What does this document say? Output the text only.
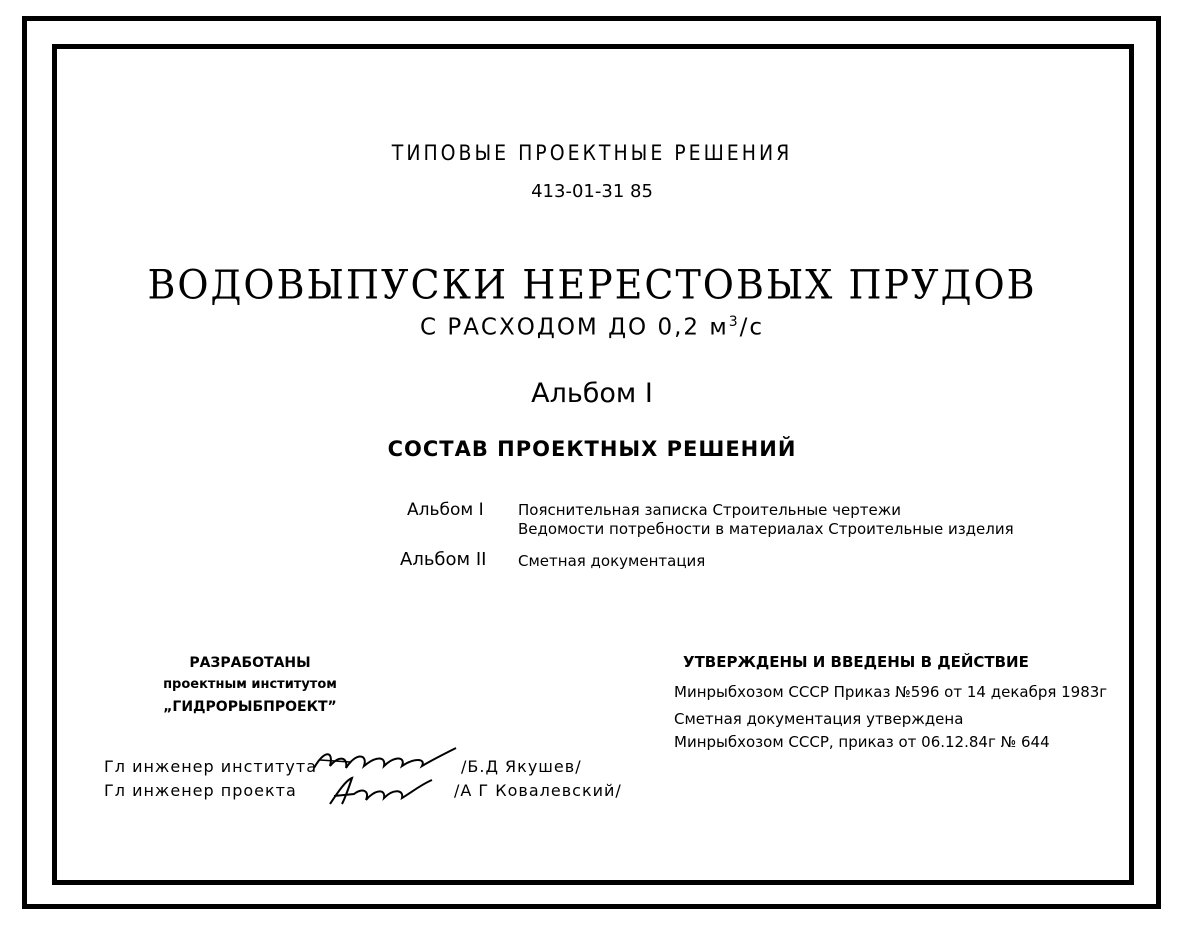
ТИПОВЫЕ ПРОЕКТНЫЕ РЕШЕНИЯ
413-01-31 85
ВОДОВЫПУСКИ НЕРЕСТОВЫХ ПРУДОВ
С РАСХОДОМ ДО 0,2 $м^3/с$
Альбом I
СОСТАВ ПРОЕКТНЫХ РЕШЕНИЙ
Альбом I Пояснительная записка Строительные чертежи
Ведомости потребности в материалах Строительные изделия
Альбом II Сметная документация
РАЗРАБОТАНЫ
проектным институтом
„ГИДРОРЫБПРОЕКТ”
УТВЕРЖДЕНЫ И ВВЕДЕНЫ В ДЕЙСТВИЕ
Минрыбхозом СССР Приказ №596 от 14 декабря 1983г
Сметная документация утверждена
Минрыбхозом СССР, приказ от 06.12.84г № 644
Гл инженер института	/Б.Д Якушев/
Гл инженер проекта	/А Г Ковалевский/
